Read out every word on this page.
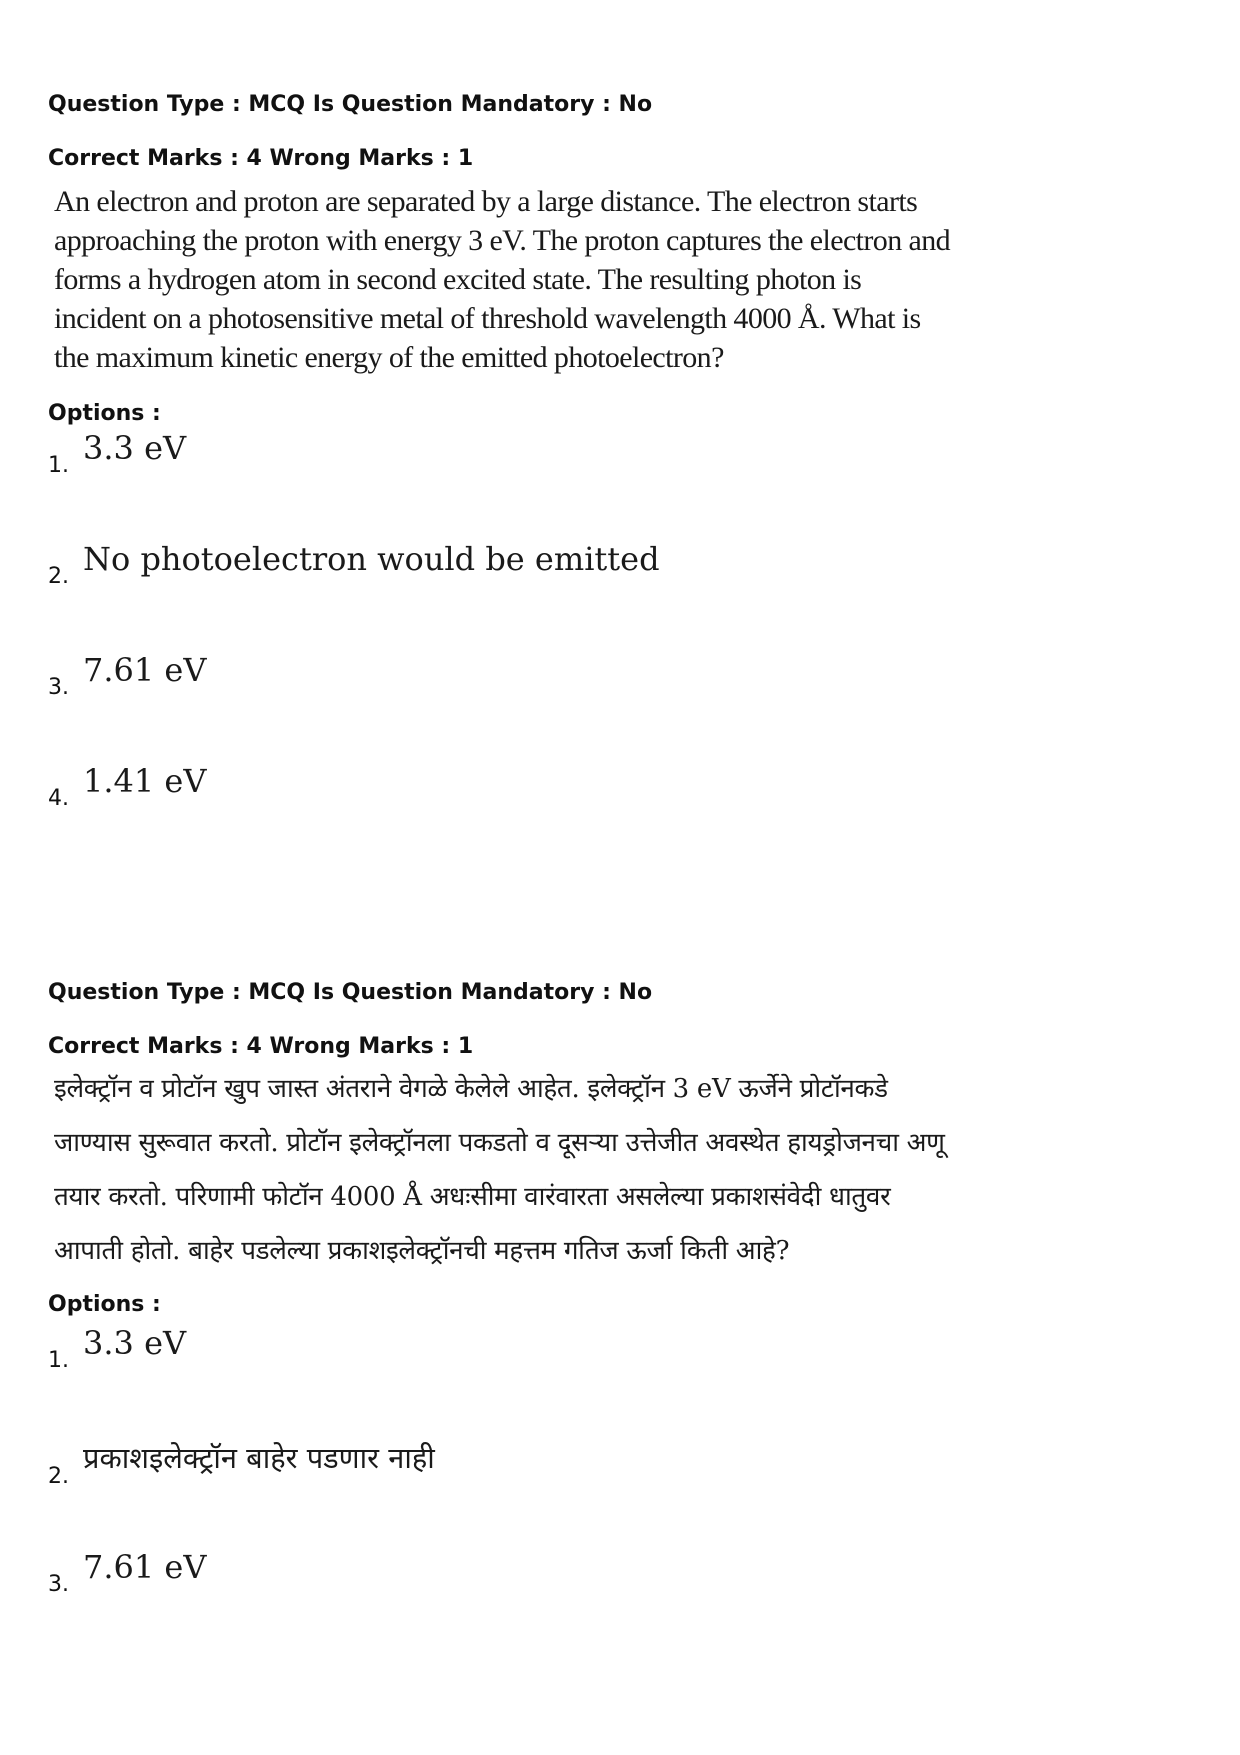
Question Type : MCQ Is Question Mandatory : No
Correct Marks : 4 Wrong Marks : 1
An electron and proton are separated by a large distance. The electron starts approaching the proton with energy 3 eV. The proton captures the electron and forms a hydrogen atom in second excited state. The resulting photon is incident on a photosensitive metal of threshold wavelength 4000 Å. What is the maximum kinetic energy of the emitted photoelectron?
Options :
1. 3.3 eV
2. No photoelectron would be emitted
3. 7.61 eV
4. 1.41 eV
Question Type : MCQ Is Question Mandatory : No
Correct Marks : 4 Wrong Marks : 1
इलेक्ट्रॉन व प्रोटॉन खुप जास्त अंतराने वेगळे केलेले आहेत. इलेक्ट्रॉन 3 eV ऊर्जेने प्रोटॉनकडे जाण्यास सुरूवात करतो. प्रोटॉन इलेक्ट्रॉनला पकडतो व दूसऱ्या उत्तेजीत अवस्थेत हायड्रोजनचा अणू तयार करतो. परिणामी फोटॉन 4000 Å अधःसीमा वारंवारता असलेल्या प्रकाशसंवेदी धातुवर आपाती होतो. बाहेर पडलेल्या प्रकाशइलेक्ट्रॉनची महत्तम गतिज ऊर्जा किती आहे?
Options :
1. 3.3 eV
2.
प्रकाशइलेक्ट्रॉन बाहेर पडणार नाही
3. 7.61 eV
